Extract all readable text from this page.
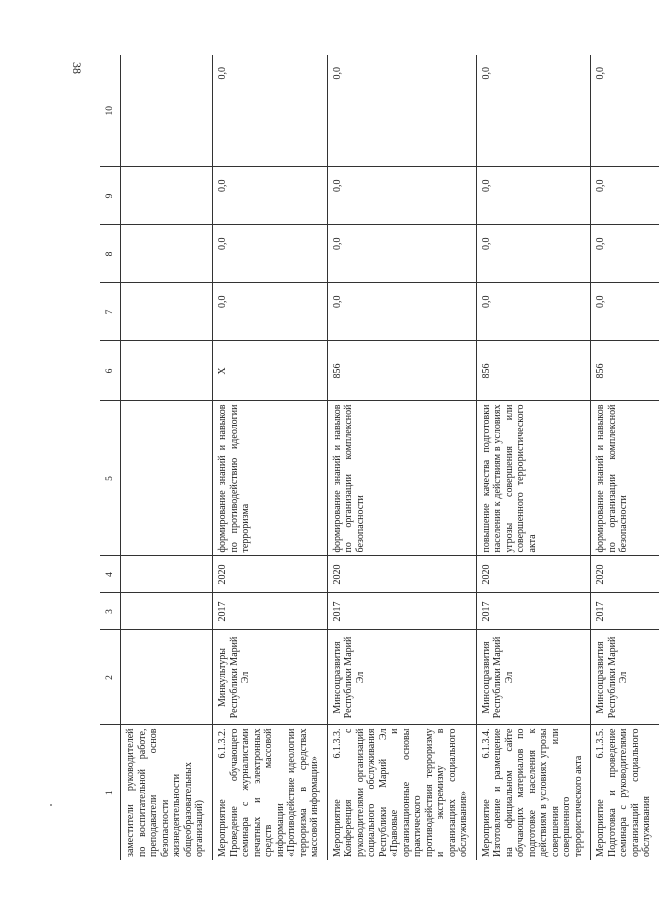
38
1	2	3	4	5	6	7	8	9	10
заместители руководителей по воспитательной работе, преподаватели основ безопасности жизнедеятельности общеобразовательных организаций)									
Мероприятие 6.1.3.2. Проведение обучающего семинара с журналистами печатных и электронных средств массовой информации «Противодействие идеологии терроризма в средствах массовой информации»	Минкультуры Республики Марий Эл	2017	2020	формирование знаний и навыков по противодействию идеологии терроризма	Х	0,0	0,0	0,0	0,0
Мероприятие 6.1.3.3. Конференция с руководителями организаций социального обслуживания Республики Марий Эл «Правовые и организационные основы практического противодействия терроризму и экстремизму в организациях социального обслуживания»	Минсоцразвития Республики Марий Эл	2017	2020	формирование знаний и навыков по организации комплексной безопасности	856	0,0	0,0	0,0	0,0
Мероприятие 6.1.3.4. Изготовление и размещение на официальном сайте обучающих материалов по подготовке населения к действиям в условиях угрозы совершения или совершенного террористического акта	Минсоцразвития Республики Марий Эл	2017	2020	повышение качества подготовки населения к действиям в условиях угрозы совершения или совершенного террористического акта	856	0,0	0,0	0,0	0,0
Мероприятие 6.1.3.5. Подготовка и проведение семинара с руководителями организаций социального обслуживания	Минсоцразвития Республики Марий Эл	2017	2020	формирование знаний и навыков по организации комплексной безопасности	856	0,0	0,0	0,0	0,0
